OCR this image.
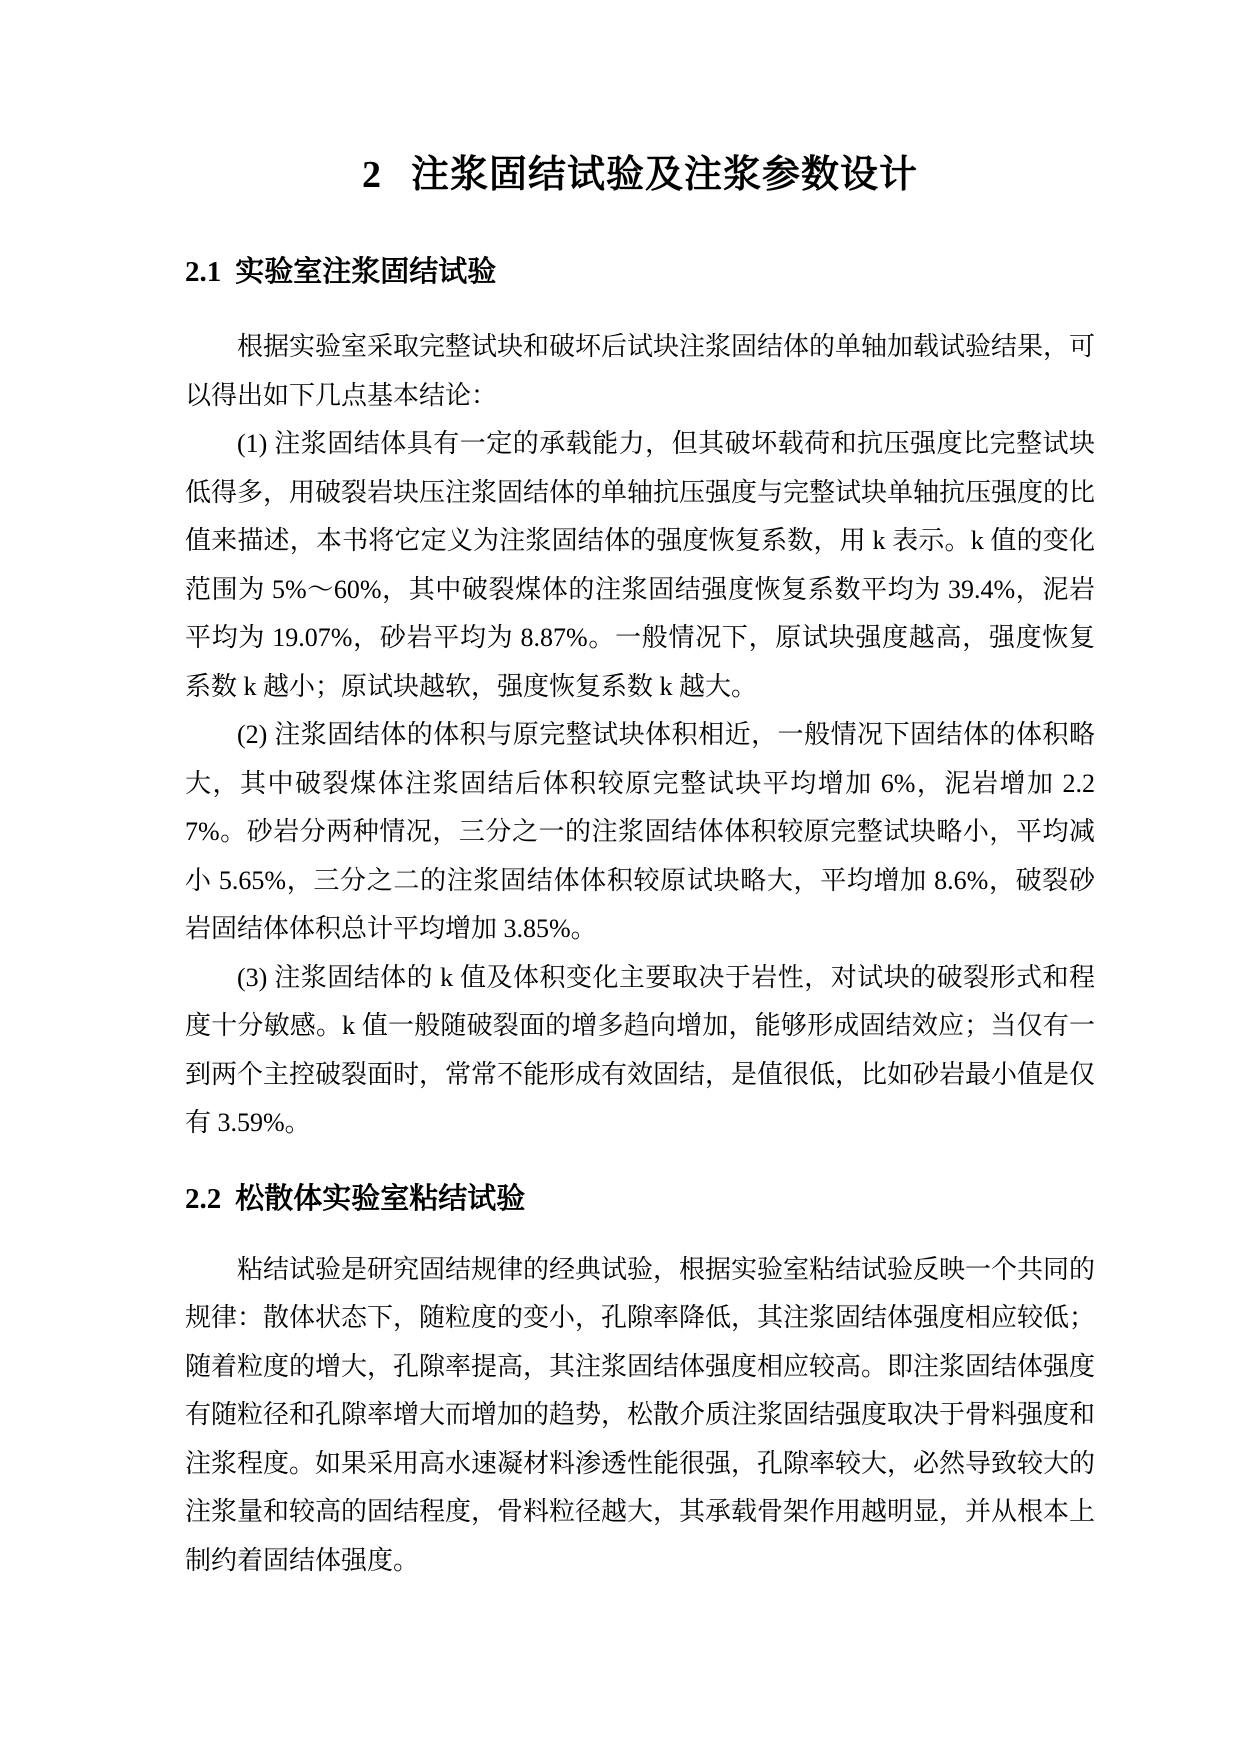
2 注浆固结试验及注浆参数设计
2.1 实验室注浆固结试验

根据实验室采取完整试块和破坏后试块注浆固结体的单轴加载试验结果，可以得出如下几点基本结论：

(1) 注浆固结体具有一定的承载能力，但其破坏载荷和抗压强度比完整试块低得多，用破裂岩块压注浆固结体的单轴抗压强度与完整试块单轴抗压强度的比值来描述，本书将它定义为注浆固结体的强度恢复系数，用 k 表示。k 值的变化范围为 5%～60%，其中破裂煤体的注浆固结强度恢复系数平均为 39.4%，泥岩平均为 19.07%，砂岩平均为 8.87%。一般情况下，原试块强度越高，强度恢复系数 k 越小；原试块越软，强度恢复系数 k 越大。

(2) 注浆固结体的体积与原完整试块体积相近，一般情况下固结体的体积略大，其中破裂煤体注浆固结后体积较原完整试块平均增加 6%，泥岩增加 2.27%。砂岩分两种情况，三分之一的注浆固结体体积较原完整试块略小，平均减小 5.65%，三分之二的注浆固结体体积较原试块略大，平均增加 8.6%，破裂砂岩固结体体积总计平均增加 3.85%。

(3) 注浆固结体的 k 值及体积变化主要取决于岩性，对试块的破裂形式和程度十分敏感。k 值一般随破裂面的增多趋向增加，能够形成固结效应；当仅有一到两个主控破裂面时，常常不能形成有效固结，是值很低，比如砂岩最小值是仅有 3.59%。

2.2 松散体实验室粘结试验

粘结试验是研究固结规律的经典试验，根据实验室粘结试验反映一个共同的规律：散体状态下，随粒度的变小，孔隙率降低，其注浆固结体强度相应较低；随着粒度的增大，孔隙率提高，其注浆固结体强度相应较高。即注浆固结体强度有随粒径和孔隙率增大而增加的趋势，松散介质注浆固结强度取决于骨料强度和注浆程度。如果采用高水速凝材料渗透性能很强，孔隙率较大，必然导致较大的注浆量和较高的固结程度，骨料粒径越大，其承载骨架作用越明显，并从根本上制约着固结体强度。
